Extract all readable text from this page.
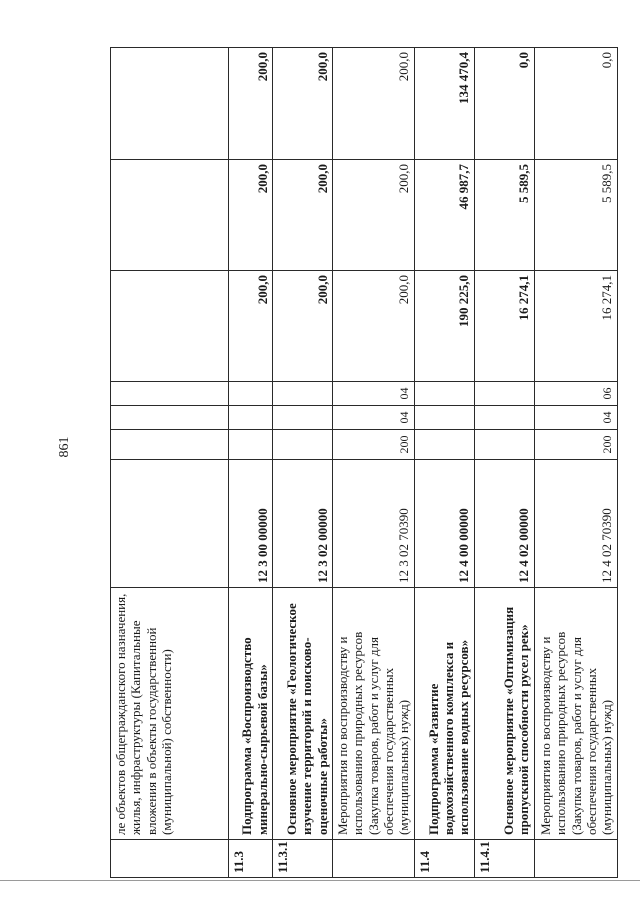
861
	ле объектов общегражданского назначения, жилья, инфраструктуры (Капитальные вложения в объекты государственной (муниципальной) собственности)							
11.3	Подпрограмма «Воспроизводство минерально-сырьевой базы»	12 3 00 00000				200,0	200,0	200,0
11.3.1	Основное мероприятие «Геологическое изучение территорий и поисково-оценочные работы»	12 3 02 00000				200,0	200,0	200,0
	Мероприятия по воспроизводству и использованию природных ресурсов (Закупка товаров, работ и услуг для обеспечения государственных (муниципальных) нужд)	12 3 02 70390	200	04	04	200,0	200,0	200,0
11.4	Подпрограмма «Развитие водохозяйственного комплекса и использование водных ресурсов»	12 4 00 00000				190 225,0	46 987,7	134 470,4
11.4.1	Основное мероприятие «Оптимизация пропускной способности русел рек»	12 4 02 00000				16 274,1	5 589,5	0,0
	Мероприятия по воспроизводству и использованию природных ресурсов (Закупка товаров, работ и услуг для обеспечения государственных (муниципальных) нужд)	12 4 02 70390	200	04	06	16 274,1	5 589,5	0,0
